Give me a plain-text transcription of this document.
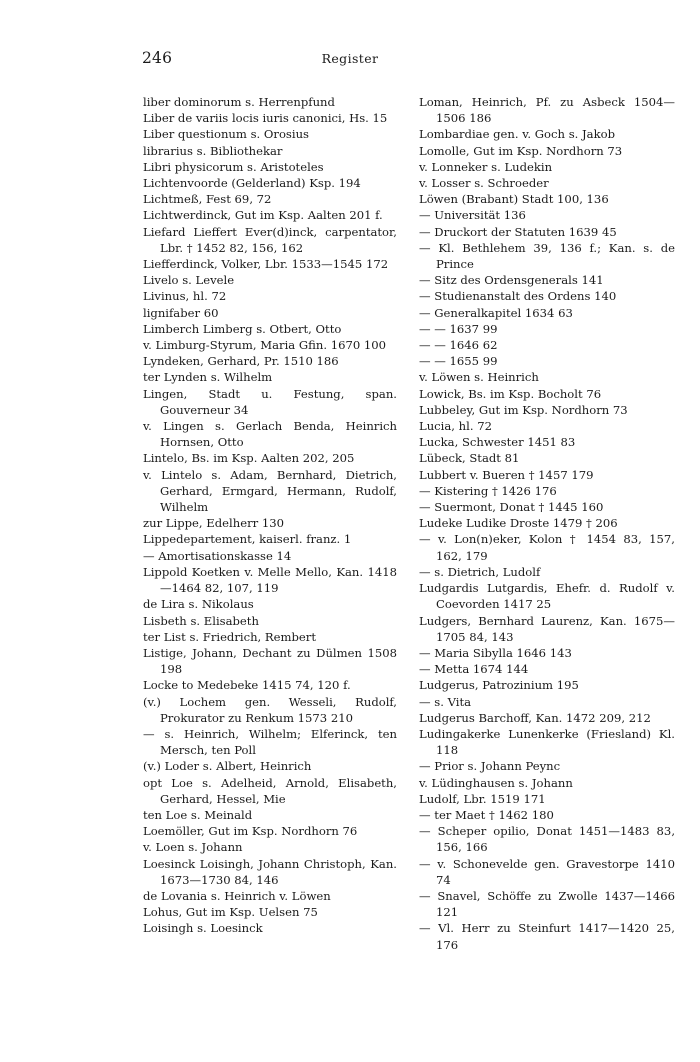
246	Register

liber dominorum s. Herrenpfund

Liber de variis locis iuris canonici, Hs. 15

Liber questionum s. Orosius

librarius s. Bibliothekar

Libri physicorum s. Aristoteles

Lichtenvoorde (Gelderland) Ksp. 194

Lichtmeß, Fest 69, 72

Lichtwerdinck, Gut im Ksp. Aalten 201 f.

Liefard Lieffert Ever(d)inck, carpentator, Lbr. † 1452 82, 156, 162

Liefferdinck, Volker, Lbr. 1533—1545 172

Livelo s. Levele

Livinus, hl. 72

lignifaber 60

Limberch Limberg s. Otbert, Otto

v. Limburg-Styrum, Maria Gfin. 1670 100

Lyndeken, Gerhard, Pr. 1510 186

ter Lynden s. Wilhelm

Lingen, Stadt u. Festung, span. Gouverneur 34

v. Lingen s. Gerlach Benda, Heinrich Hornsen, Otto

Lintelo, Bs. im Ksp. Aalten 202, 205

v. Lintelo s. Adam, Bernhard, Dietrich, Gerhard, Ermgard, Hermann, Rudolf, Wilhelm

zur Lippe, Edelherr 130

Lippedepartement, kaiserl. franz. 1

— Amortisationskasse 14

Lippold Koetken v. Melle Mello, Kan. 1418—1464 82, 107, 119

de Lira s. Nikolaus

Lisbeth s. Elisabeth

ter List s. Friedrich, Rembert

Listige, Johann, Dechant zu Dülmen 1508 198

Locke to Medebeke 1415 74, 120 f.

(v.) Lochem gen. Wesseli, Rudolf, Prokurator zu Renkum 1573 210

— s. Heinrich, Wilhelm; Elferinck, ten Mersch, ten Poll

(v.) Loder s. Albert, Heinrich

opt Loe s. Adelheid, Arnold, Elisabeth, Gerhard, Hessel, Mie

ten Loe s. Meinald

Loemöller, Gut im Ksp. Nordhorn 76

v. Loen s. Johann

Loesinck Loisingh, Johann Christoph, Kan. 1673—1730 84, 146

de Lovania s. Heinrich v. Löwen

Lohus, Gut im Ksp. Uelsen 75

Loisingh s. Loesinck

Loman, Heinrich, Pf. zu Asbeck 1504—1506 186

Lombardiae gen. v. Goch s. Jakob

Lomolle, Gut im Ksp. Nordhorn 73

v. Lonneker s. Ludekin

v. Losser s. Schroeder

Löwen (Brabant) Stadt 100, 136

— Universität 136

— Druckort der Statuten 1639 45

— Kl. Bethlehem 39, 136 f.; Kan. s. de Prince

— Sitz des Ordensgenerals 141

— Studienanstalt des Ordens 140

— Generalkapitel 1634 63

— — 1637 99

— — 1646 62

— — 1655 99

v. Löwen s. Heinrich

Lowick, Bs. im Ksp. Bocholt 76

Lubbeley, Gut im Ksp. Nordhorn 73

Lucia, hl. 72

Lucka, Schwester 1451 83

Lübeck, Stadt 81

Lubbert v. Bueren † 1457 179

— Kistering † 1426 176

— Suermont, Donat † 1445 160

Ludeke Ludike Droste 1479 † 206

— v. Lon(n)eker, Kolon † 1454 83, 157, 162, 179

— s. Dietrich, Ludolf

Ludgardis Lutgardis, Ehefr. d. Rudolf v. Coevorden 1417 25

Ludgers, Bernhard Laurenz, Kan. 1675—1705 84, 143

— Maria Sibylla 1646 143

— Metta 1674 144

Ludgerus, Patrozinium 195

— s. Vita

Ludgerus Barchoff, Kan. 1472 209, 212

Ludingakerke Lunenkerke (Friesland) Kl. 118

— Prior s. Johann Peync

v. Lüdinghausen s. Johann

Ludolf, Lbr. 1519 171

— ter Maet † 1462 180

— Scheper opilio, Donat 1451—1483 83, 156, 166

— v. Schonevelde gen. Gravestorpe 1410 74

— Snavel, Schöffe zu Zwolle 1437—1466 121

— Vl. Herr zu Steinfurt 1417—1420 25, 176
